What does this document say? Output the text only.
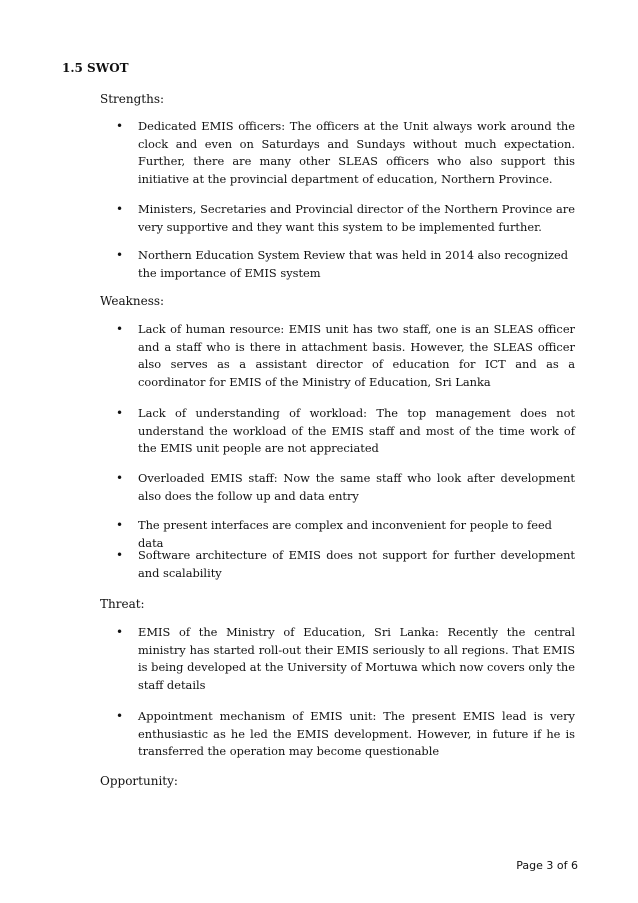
1.5 SWOT
Strengths:
• Dedicated EMIS officers: The officers at the Unit always work around the clock and even on Saturdays and Sundays without much expectation. Further, there are many other SLEAS officers who also support this initiative at the provincial department of education, Northern Province.
• Ministers, Secretaries and Provincial director of the Northern Province are very supportive and they want this system to be implemented further.
• Northern Education System Review that was held in 2014 also recognized the importance of EMIS system
Weakness:
• Lack of human resource: EMIS unit has two staff, one is an SLEAS officer and a staff who is there in attachment basis. However, the SLEAS officer also serves as a assistant director of education for ICT and as a coordinator for EMIS of the Ministry of Education, Sri Lanka
• Lack of understanding of workload: The top management does not understand the workload of the EMIS staff and most of the time work of the EMIS unit people are not appreciated
• Overloaded EMIS staff: Now the same staff who look after development also does the follow up and data entry
• The present interfaces are complex and inconvenient for people to feed data
• Software architecture of EMIS does not support for further development and scalability
Threat:
• EMIS of the Ministry of Education, Sri Lanka: Recently the central ministry has started roll-out their EMIS seriously to all regions. That EMIS is being developed at the University of Mortuwa which now covers only the staff details
• Appointment mechanism of EMIS unit: The present EMIS lead is very enthusiastic as he led the EMIS development. However, in future if he is transferred the operation may become questionable
Opportunity:
Page 3 of 6
